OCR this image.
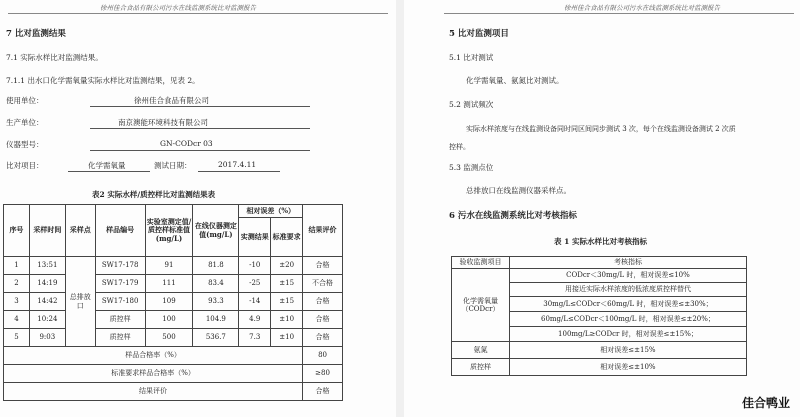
徐州佳合食品有限公司污水在线监测系统比对监测报告
7 比对监测结果
7.1 实际水样比对监测结果。
7.1.1 出水口化学需氧量实际水样比对监测结果，见表 2。
使用单位：	徐州佳合食品有限公司
生产单位：	南京澳能环境科技有限公司
仪器型号：	GN-CODcr 03
比对项目：	化学需氧量	测试日期：	2017.4.11
表2 实际水样/质控样比对监测结果表
序号	采样时间	采样点	样品编号	实验室测定值/质控样标准值(mg/L)	在线仪器测定值(mg/L)	相对误差（%）		结果评价
						实测结果	标准要求	
1	13:51	总排放口	SW17-178	91	81.8	-10	±20	合格
2	14:19		SW17-179	111	83.4	-25	±15	不合格
3	14:42		SW17-180	109	93.3	-14	±15	合格
4	10:24		质控样	100	104.9	4.9	±10	合格
5	9:03		质控样	500	536.7	7.3	±10	合格
样品合格率（%）								80
标准要求样品合格率（%）								≥80
结果评价								合格
徐州佳合食品有限公司污水在线监测系统比对监测报告
5 比对监测项目
5.1 比对测试
化学需氧量、氨氮比对测试。
5.2 测试频次
实际水样浓度与在线监测设备同时同区间同步测试 3 次，每个在线监测设备测试 2 次质
控样。
5.3 监测点位
总排放口在线监测仪器采样点。
6 污水在线监测系统比对考核指标
表 1 实际水样比对考核指标
验收监测项目	考核指标
化学需氧量（CODcr）	CODcr＜30mg/L 时，相对误差≤10%
用接近实际水样浓度的低浓度质控样替代
30mg/L≤CODcr＜60mg/L 时，相对误差≤±30%；
60mg/L≤CODcr＜100mg/L 时，相对误差≤±20%；
100mg/L≥CODcr 时，相对误差≤±15%；

氨氮	相对误差≤±15%
质控样	相对误差≤±10%
佳合鸭业
